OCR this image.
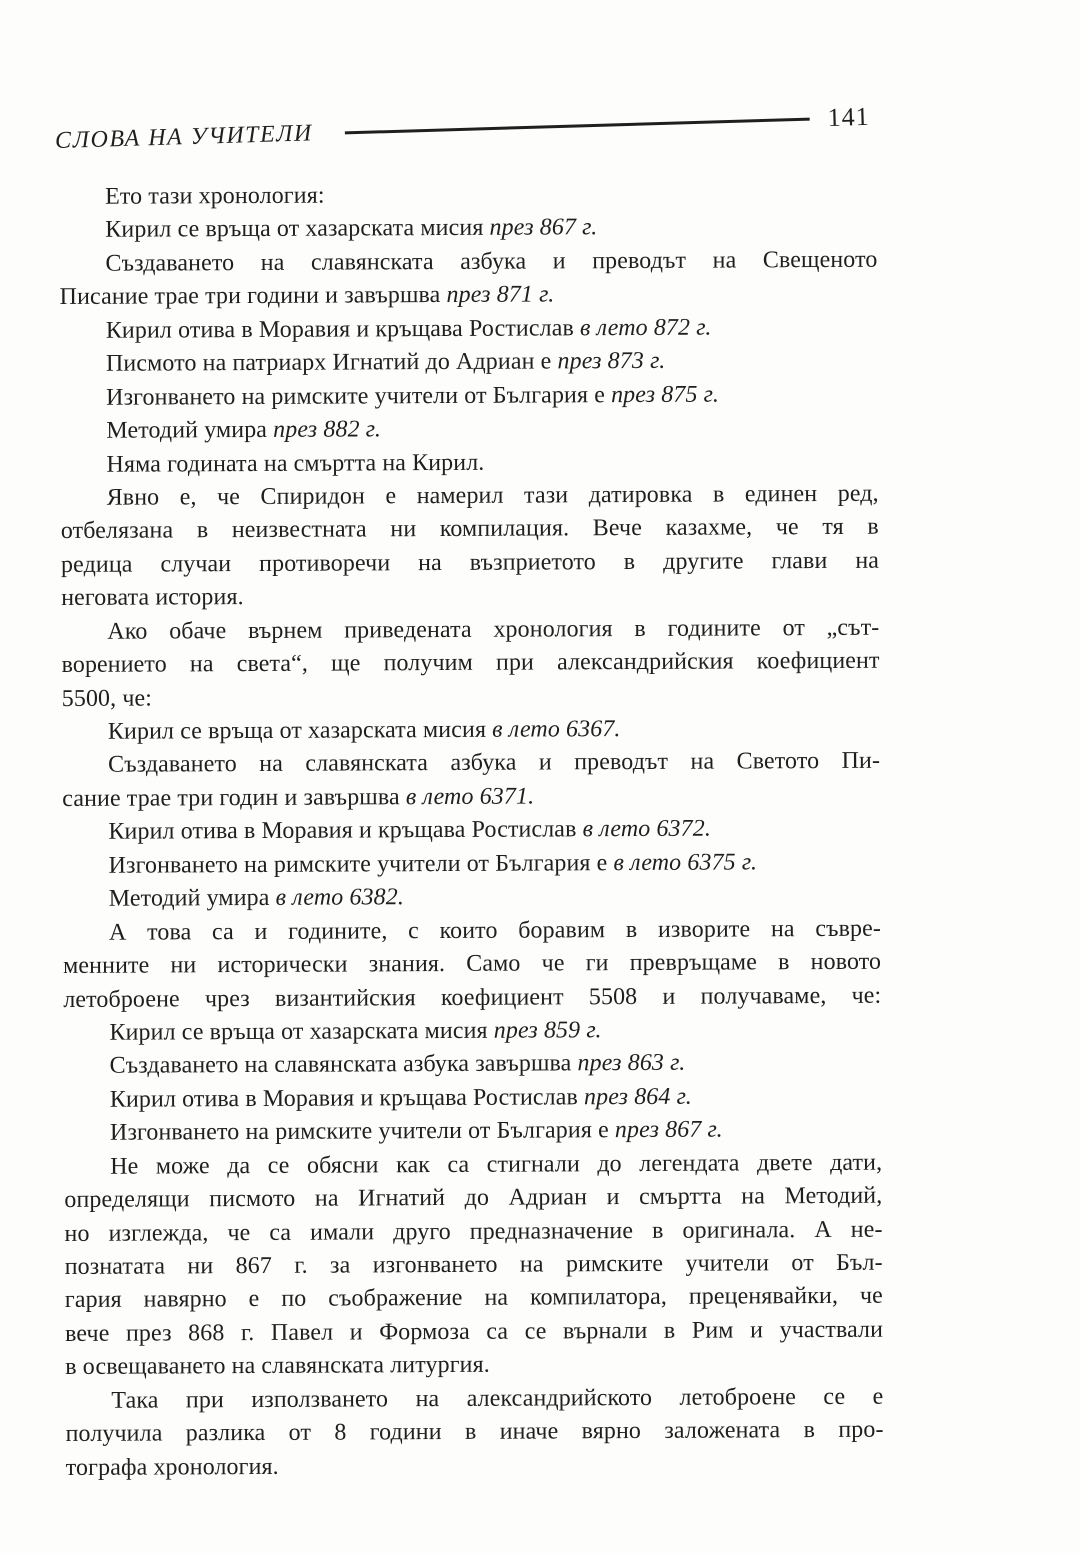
СЛОВА НА УЧИТЕЛИ
141

Ето тази хронология:

Кирил се връща от хазарската мисия през 867 г.

Създаването на славянската азбука и преводът на Свещеното

Писание трае три години и завършва през 871 г.

Кирил отива в Моравия и кръщава Ростислав в лето 872 г.

Писмото на патриарх Игнатий до Адриан е през 873 г.

Изгонването на римските учители от България е през 875 г.

Методий умира през 882 г.

Няма годината на смъртта на Кирил.

Явно е, че Спиридон е намерил тази датировка в единен ред,

отбелязана в неизвестната ни компилация. Вече казахме, че тя в

редица случаи противоречи на възприетото в другите глави на

неговата история.

Ако обаче върнем приведената хронология в годините от „сът-

ворението на света“, ще получим при александрийския коефициент

5500, че:

Кирил се връща от хазарската мисия в лето 6367.

Създаването на славянската азбука и преводът на Светото Пи-

сание трае три годин и завършва в лето 6371.

Кирил отива в Моравия и кръщава Ростислав в лето 6372.

Изгонването на римските учители от България е в лето 6375 г.

Методий умира в лето 6382.

А това са и годините, с които боравим в изворите на съвре-

менните ни исторически знания. Само че ги превръщаме в новото

летоброене чрез византийския коефициент 5508 и получаваме, че:

Кирил се връща от хазарската мисия през 859 г.

Създаването на славянската азбука завършва през 863 г.

Кирил отива в Моравия и кръщава Ростислав през 864 г.

Изгонването на римските учители от България е през 867 г.

Не може да се обясни как са стигнали до легендата двете дати,

определящи писмото на Игнатий до Адриан и смъртта на Методий,

но изглежда, че са имали друго предназначение в оригинала. А не-

познатата ни 867 г. за изгонването на римските учители от Бъл-

гария навярно е по съображение на компилатора, преценявайки, че

вече през 868 г. Павел и Формоза са се върнали в Рим и участвали

в освещаването на славянската литургия.

Така при използването на александрийското летоброене се е

получила разлика от 8 години в иначе вярно заложената в про-

тографа хронология.
